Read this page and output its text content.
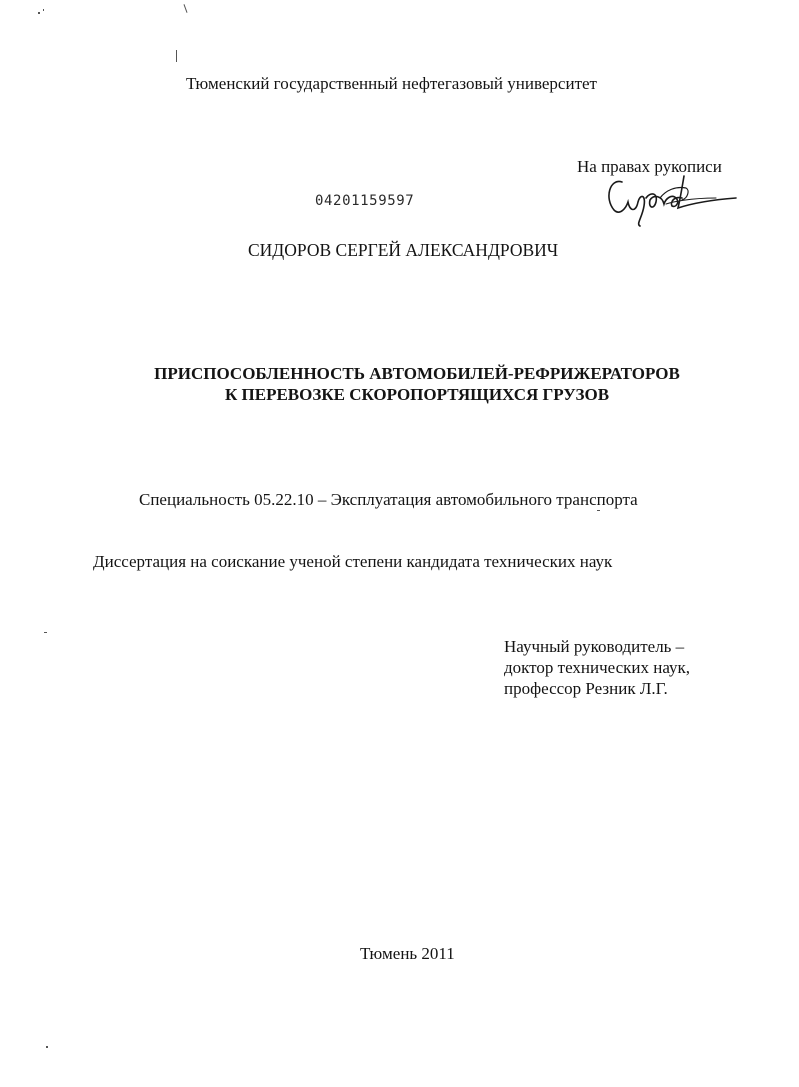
Тюменский государственный нефтегазовый университет
На правах рукописи
04201159597
СИДОРОВ СЕРГЕЙ АЛЕКСАНДРОВИЧ
ПРИСПОСОБЛЕННОСТЬ АВТОМОБИЛЕЙ-РЕФРИЖЕРАТОРОВ
К ПЕРЕВОЗКЕ СКОРОПОРТЯЩИХСЯ ГРУЗОВ
Специальность 05.22.10 – Эксплуатация автомобильного транспорта
Диссертация на соискание ученой степени кандидата технических наук
Научный руководитель –
доктор технических наук,
профессор Резник Л.Г.
Тюмень 2011
